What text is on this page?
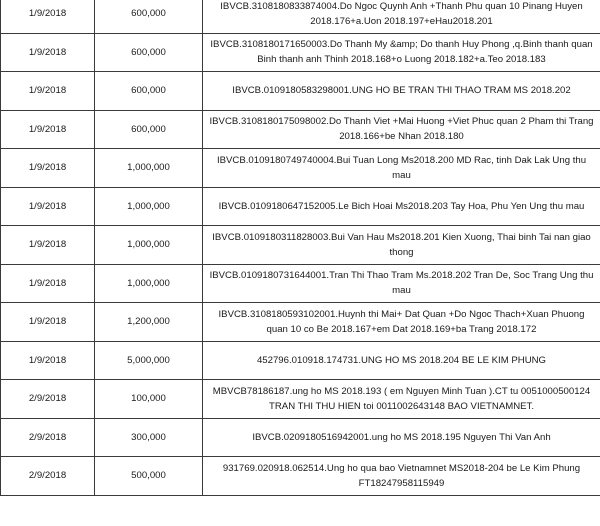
1/9/2018	600,000	IBVCB.3108180833874004.Do Ngoc Quynh Anh +Thanh Phu quan 10 Pinang Huyen 2018.176+a.Uon 2018.197+eHau2018.201
1/9/2018	600,000	IBVCB.3108180171650003.Do Thanh My &amp; Do thanh Huy Phong ,q.Binh thanh quan Binh thanh anh Thinh 2018.168+o Luong 2018.182+a.Teo 2018.183
1/9/2018	600,000	IBVCB.0109180583298001.UNG HO BE TRAN THI THAO TRAM MS 2018.202
1/9/2018	600,000	IBVCB.3108180175098002.Do Thanh Viet +Mai Huong +Viet Phuc quan 2 Pham thi Trang 2018.166+be Nhan 2018.180
1/9/2018	1,000,000	IBVCB.0109180749740004.Bui Tuan Long Ms2018.200 MD Rac, tinh Dak Lak Ung thu mau
1/9/2018	1,000,000	IBVCB.0109180647152005.Le Bich Hoai Ms2018.203 Tay Hoa, Phu Yen Ung thu mau
1/9/2018	1,000,000	IBVCB.0109180311828003.Bui Van Hau Ms2018.201 Kien Xuong, Thai binh Tai nan giao thong
1/9/2018	1,000,000	IBVCB.0109180731644001.Tran Thi Thao Tram Ms.2018.202 Tran De, Soc Trang Ung thu mau
1/9/2018	1,200,000	IBVCB.3108180593102001.Huynh thi Mai+ Dat Quan +Do Ngoc Thach+Xuan Phuong quan 10 co Be 2018.167+em Dat 2018.169+ba Trang 2018.172
1/9/2018	5,000,000	452796.010918.174731.UNG HO MS 2018.204 BE LE KIM PHUNG
2/9/2018	100,000	MBVCB78186187.ung ho MS 2018.193 ( em Nguyen Minh Tuan ).CT tu 0051000500124 TRAN THI THU HIEN toi 0011002643148 BAO VIETNAMNET.
2/9/2018	300,000	IBVCB.0209180516942001.ung ho MS 2018.195 Nguyen Thi Van Anh
2/9/2018	500,000	931769.020918.062514.Ung ho qua bao Vietnamnet MS2018-204 be Le Kim Phung FT18247958115949
